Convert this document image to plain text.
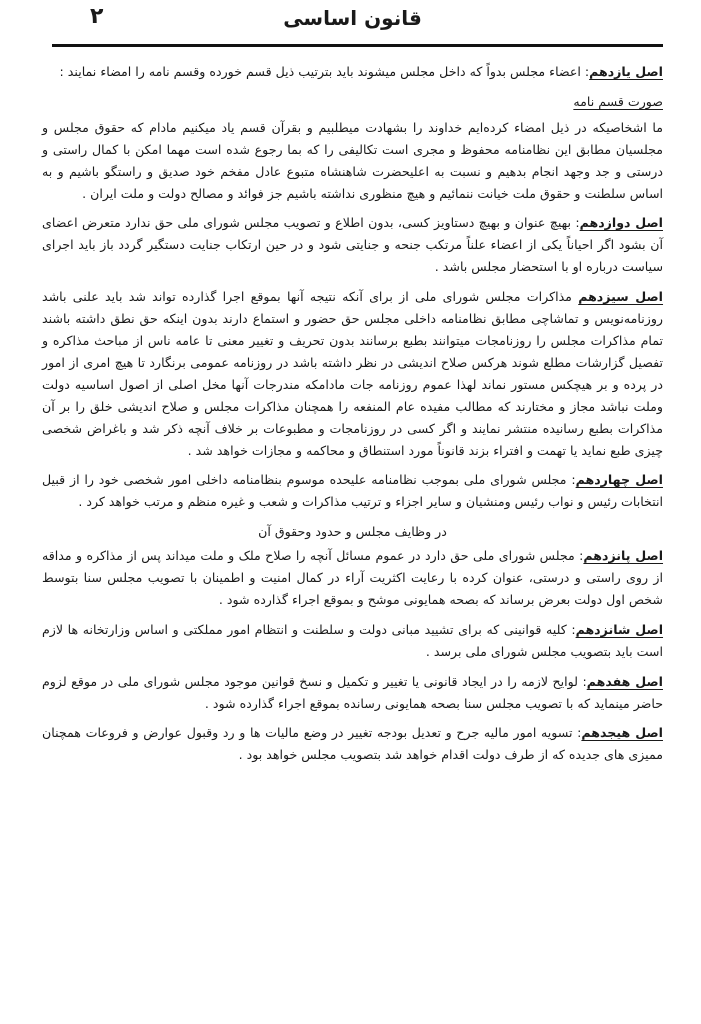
قانون اساسی
۲

اصل یازدهم: اعضاء مجلس بدواً که داخل مجلس میشوند باید بترتیب ذیل قسم خورده وقسم نامه را امضاء نمایند :

صورت قسم نامه

ما اشخاصیکه در ذیل امضاء کرده‌ایم خداوند را بشهادت میطلبیم و بقرآن قسم یاد میکنیم مادام که حقوق مجلس و مجلسیان مطابق این نظامنامه محفوظ و مجری است تکالیفی را که بما رجوع شده است مهما امکن با کمال راستی و درستی و جد وجهد انجام بدهیم و نسبت به اعلیحضرت شاهنشاه متبوع عادل مفخم خود صدیق و راستگو باشیم و به اساس سلطنت و حقوق ملت خیانت ننمائیم و هیچ منظوری نداشته باشیم جز فوائد و مصالح دولت و ملت ایران .

اصل دوازدهم: بهیچ عنوان و بهیچ دستاویز کسی، بدون اطلاع و تصویب مجلس شورای ملی حق ندارد متعرض اعضای آن بشود اگر احیاناً یکی از اعضاء علناً مرتکب جنحه و جنایتی شود و در حین ارتکاب جنایت دستگیر گردد باز باید اجرای سیاست درباره او با استحضار مجلس باشد .

اصل سیزدهم مذاکرات مجلس شورای ملی از برای آنکه نتیجه آنها بموقع اجرا گذارده تواند شد باید علنی باشد روزنامه‌نویس و تماشاچی مطابق نظامنامه داخلی مجلس حق حضور و استماع دارند بدون اینکه حق نطق داشته باشند تمام مذاکرات مجلس را روزنامجات میتوانند بطبع برسانند بدون تحریف و تغییر معنی تا عامه ناس از مباحث مذاکره و تفصیل گزارشات مطلع شوند هرکس صلاح اندیشی در نظر داشته باشد در روزنامه عمومی برنگارد تا هیچ امری از امور در پرده و بر هیچکس مستور نماند لهذا عموم روزنامه جات مادامکه مندرجات آنها مخل اصلی از اصول اساسیه دولت وملت نباشد مجاز و مختارند که مطالب مفیده عام المنفعه را همچنان مذاکرات مجلس و صلاح اندیشی خلق را بر آن مذاکرات بطبع رسانیده منتشر نمایند و اگر کسی در روزنامجات و مطبوعات بر خلاف آنچه ذکر شد و باغراض شخصی چیزی طبع نماید یا تهمت و افتراء بزند قانوناً مورد استنطاق و محاکمه و مجازات خواهد شد .

اصل چهاردهم: مجلس شورای ملی بموجب نظامنامه علیحده موسوم بنظامنامه داخلی امور شخصی خود را از قبیل انتخابات رئیس و نواب رئیس ومنشیان و سایر اجزاء و ترتیب مذاکرات و شعب و غیره منظم و مرتب خواهد کرد .

در وظایف مجلس و حدود وحقوق آن

اصل پانزدهم: مجلس شورای ملی حق دارد در عموم مسائل آنچه را صلاح ملک و ملت میداند پس از مذاکره و مداقه از روی راستی و درستی، عنوان کرده با رعایت اکثریت آراء در کمال امنیت و اطمینان با تصویب مجلس سنا بتوسط شخص اول دولت بعرض برساند که بصحه همایونی موشح و بموقع اجراء گذارده شود .

اصل شانزدهم: کلیه قوانینی که برای تشیید مبانی دولت و سلطنت و انتظام امور مملکتی و اساس وزارتخانه ها لازم است باید بتصویب مجلس شورای ملی برسد .

اصل هفدهم: لوایح لازمه را در ایجاد قانونی یا تغییر و تکمیل و نسخ قوانین موجود مجلس شورای ملی در موقع لزوم حاضر مینماید که با تصویب مجلس سنا بصحه همایونی رسانده بموقع اجراء گذارده شود .

اصل هیجدهم: تسویه امور مالیه جرح و تعدیل بودجه تغییر در وضع مالیات ها و رد وقبول عوارض و فروعات همچنان ممیزی های جدیده که از طرف دولت اقدام خواهد شد بتصویب مجلس خواهد بود .
